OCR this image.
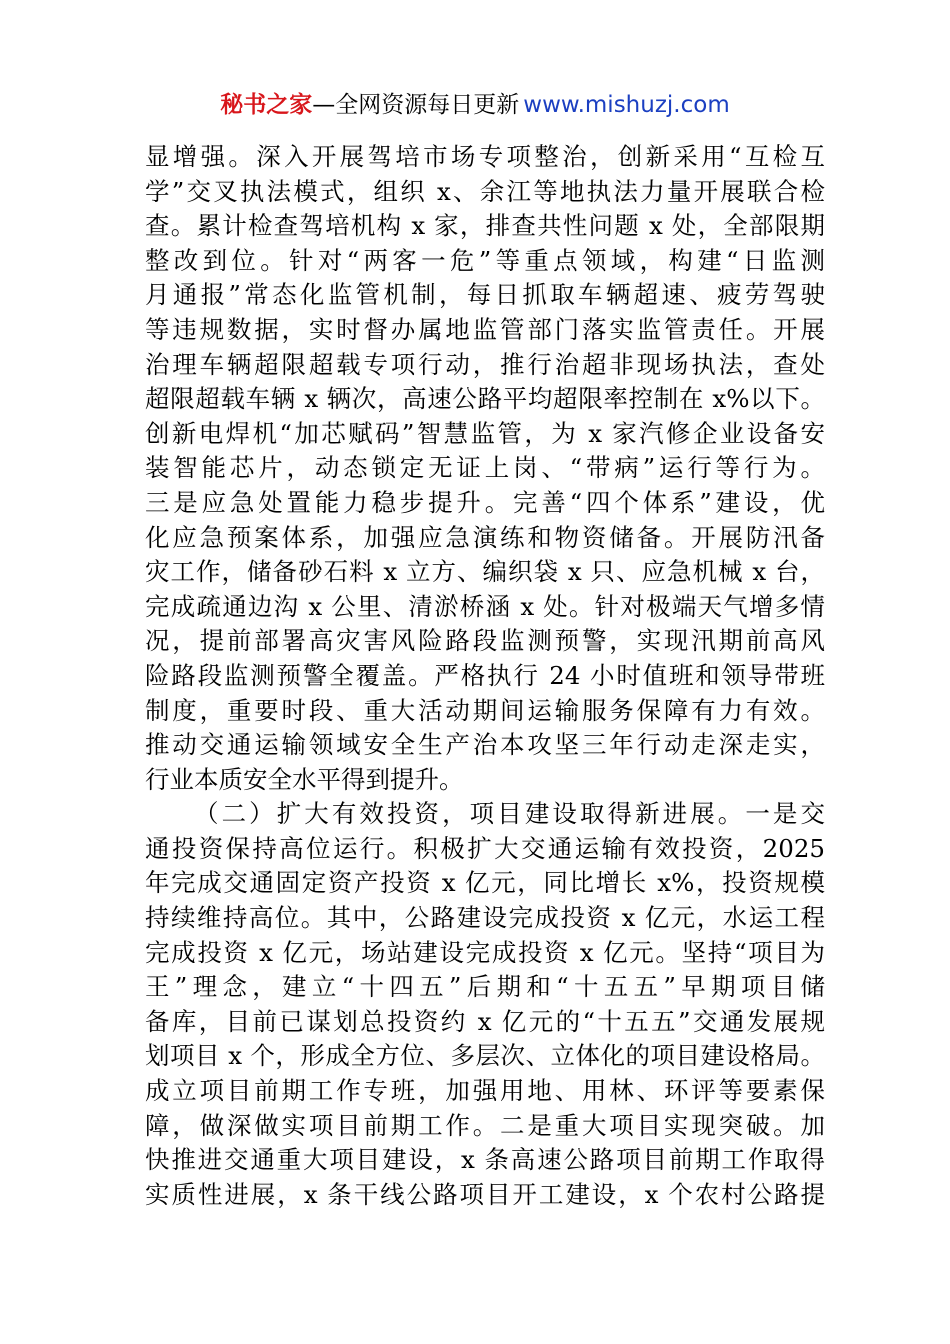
秘书之家—全网资源每日更新 www.mishuzj.com
显增强。深入开展驾培市场专项整治，创新采用“互检互
学”交叉执法模式，组织 x、余江等地执法力量开展联合检
查。累计检查驾培机构 x 家，排查共性问题 x 处，全部限期
整改到位。针对“两客一危”等重点领域，构建“日监测
月通报”常态化监管机制，每日抓取车辆超速、疲劳驾驶
等违规数据，实时督办属地监管部门落实监管责任。开展
治理车辆超限超载专项行动，推行治超非现场执法，查处
超限超载车辆 x 辆次，高速公路平均超限率控制在 x%以下。
创新电焊机“加芯赋码”智慧监管，为 x 家汽修企业设备安
装智能芯片，动态锁定无证上岗、“带病”运行等行为。
三是应急处置能力稳步提升。完善“四个体系”建设，优
化应急预案体系，加强应急演练和物资储备。开展防汛备
灾工作，储备砂石料 x 立方、编织袋 x 只、应急机械 x 台，
完成疏通边沟 x 公里、清淤桥涵 x 处。针对极端天气增多情
况，提前部署高灾害风险路段监测预警，实现汛期前高风
险路段监测预警全覆盖。严格执行 24 小时值班和领导带班
制度，重要时段、重大活动期间运输服务保障有力有效。
推动交通运输领域安全生产治本攻坚三年行动走深走实，
行业本质安全水平得到提升。
（二）扩大有效投资，项目建设取得新进展。一是交
通投资保持高位运行。积极扩大交通运输有效投资，2025
年完成交通固定资产投资 x 亿元，同比增长 x%，投资规模
持续维持高位。其中，公路建设完成投资 x 亿元，水运工程
完成投资 x 亿元，场站建设完成投资 x 亿元。坚持“项目为
王”理念，建立“十四五”后期和“十五五”早期项目储
备库，目前已谋划总投资约 x 亿元的“十五五”交通发展规
划项目 x 个，形成全方位、多层次、立体化的项目建设格局。
成立项目前期工作专班，加强用地、用林、环评等要素保
障，做深做实项目前期工作。二是重大项目实现突破。加
快推进交通重大项目建设，x 条高速公路项目前期工作取得
实质性进展，x 条干线公路项目开工建设，x 个农村公路提
